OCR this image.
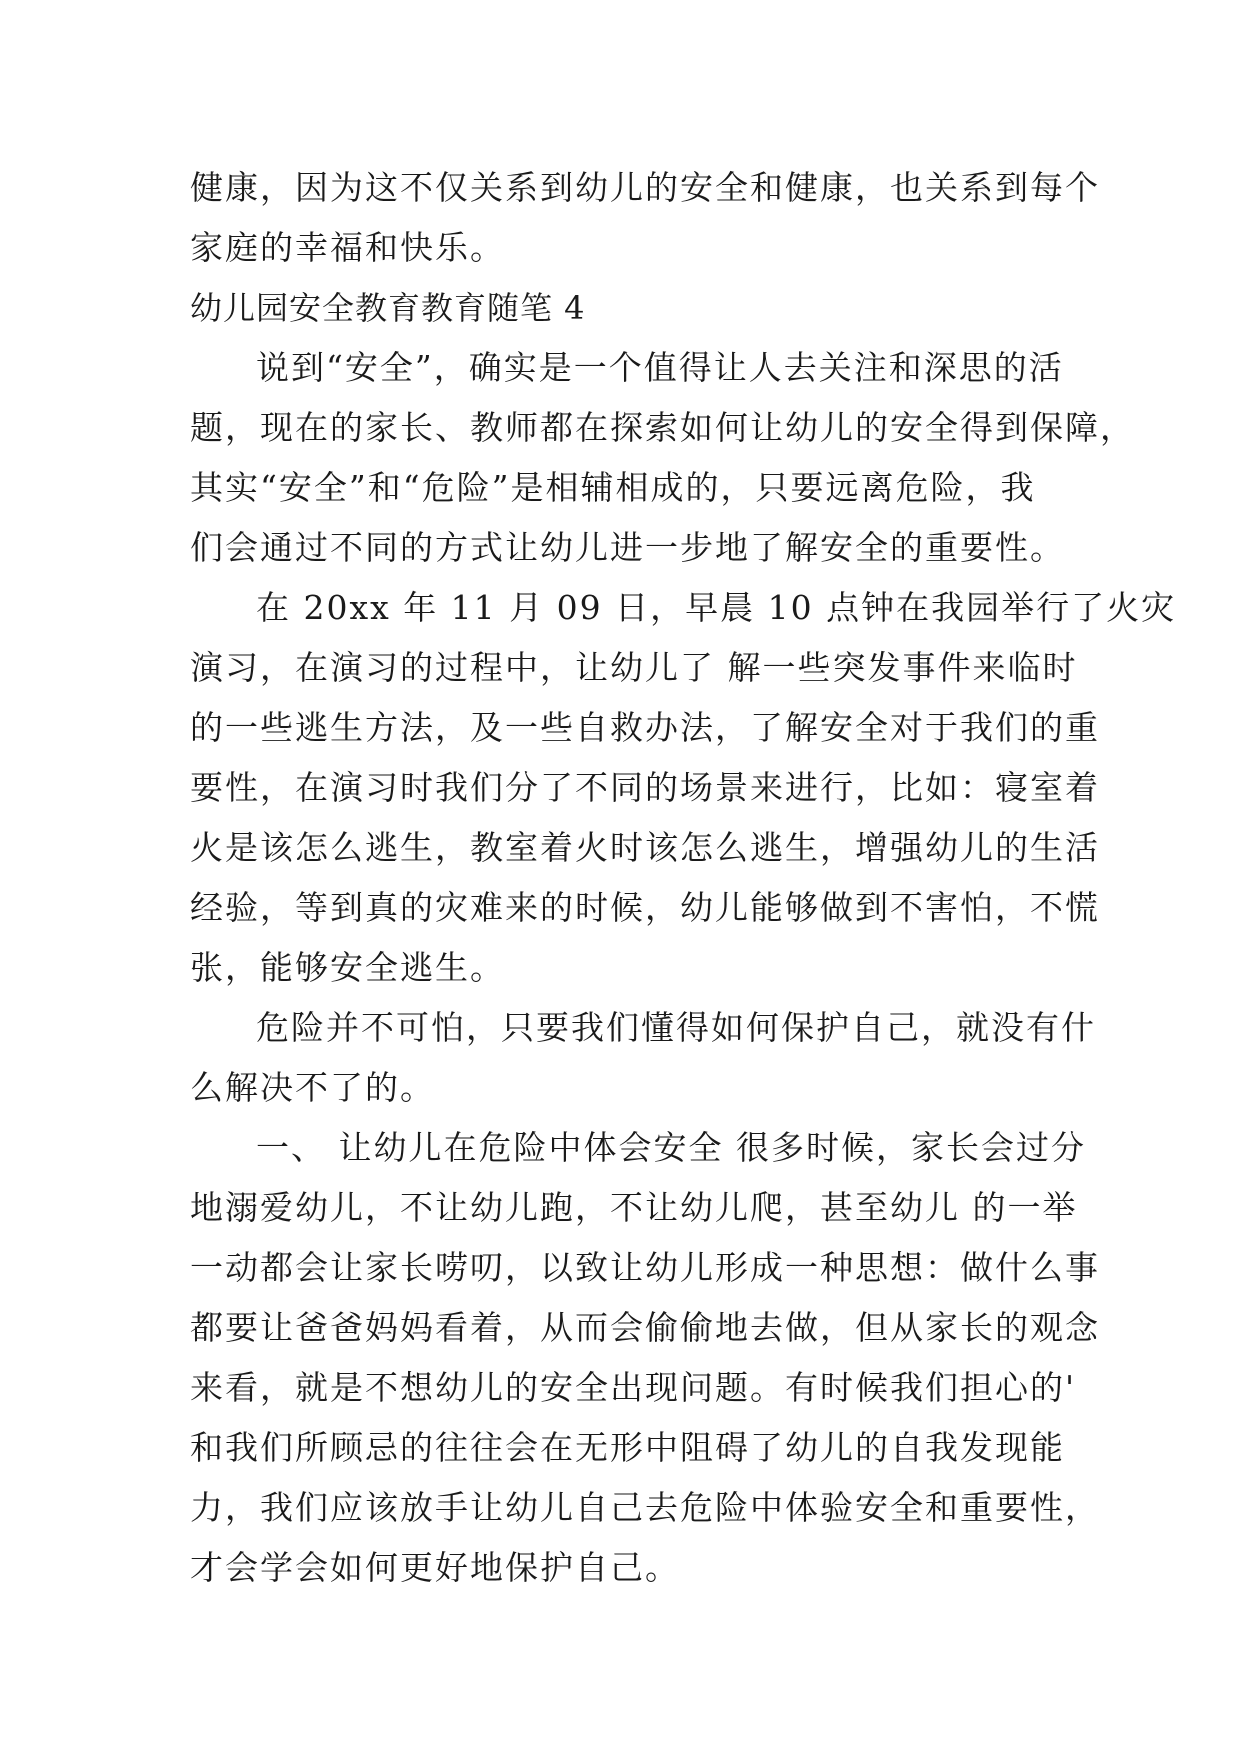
健康，因为这不仅关系到幼儿的安全和健康，也关系到每个
家庭的幸福和快乐。
幼儿园安全教育教育随笔 4
说到“安全”，确实是一个值得让人去关注和深思的活
题，现在的家长、教师都在探索如何让幼儿的安全得到保障，
其实“安全”和“危险”是相辅相成的，只要远离危险，我
们会通过不同的方式让幼儿进一步地了解安全的重要性。
在 20xx 年 11 月 09 日，早晨 10 点钟在我园举行了火灾
演习，在演习的过程中，让幼儿了 解一些突发事件来临时
的一些逃生方法，及一些自救办法，了解安全对于我们的重
要性，在演习时我们分了不同的场景来进行，比如：寝室着
火是该怎么逃生，教室着火时该怎么逃生，增强幼儿的生活
经验，等到真的灾难来的时候，幼儿能够做到不害怕，不慌
张，能够安全逃生。
危险并不可怕，只要我们懂得如何保护自己，就没有什
么解决不了的。
一、 让幼儿在危险中体会安全 很多时候，家长会过分
地溺爱幼儿，不让幼儿跑，不让幼儿爬，甚至幼儿 的一举
一动都会让家长唠叨，以致让幼儿形成一种思想：做什么事
都要让爸爸妈妈看着，从而会偷偷地去做，但从家长的观念
来看，就是不想幼儿的安全出现问题。有时候我们担心的'
和我们所顾忌的往往会在无形中阻碍了幼儿的自我发现能
力，我们应该放手让幼儿自己去危险中体验安全和重要性，
才会学会如何更好地保护自己。
